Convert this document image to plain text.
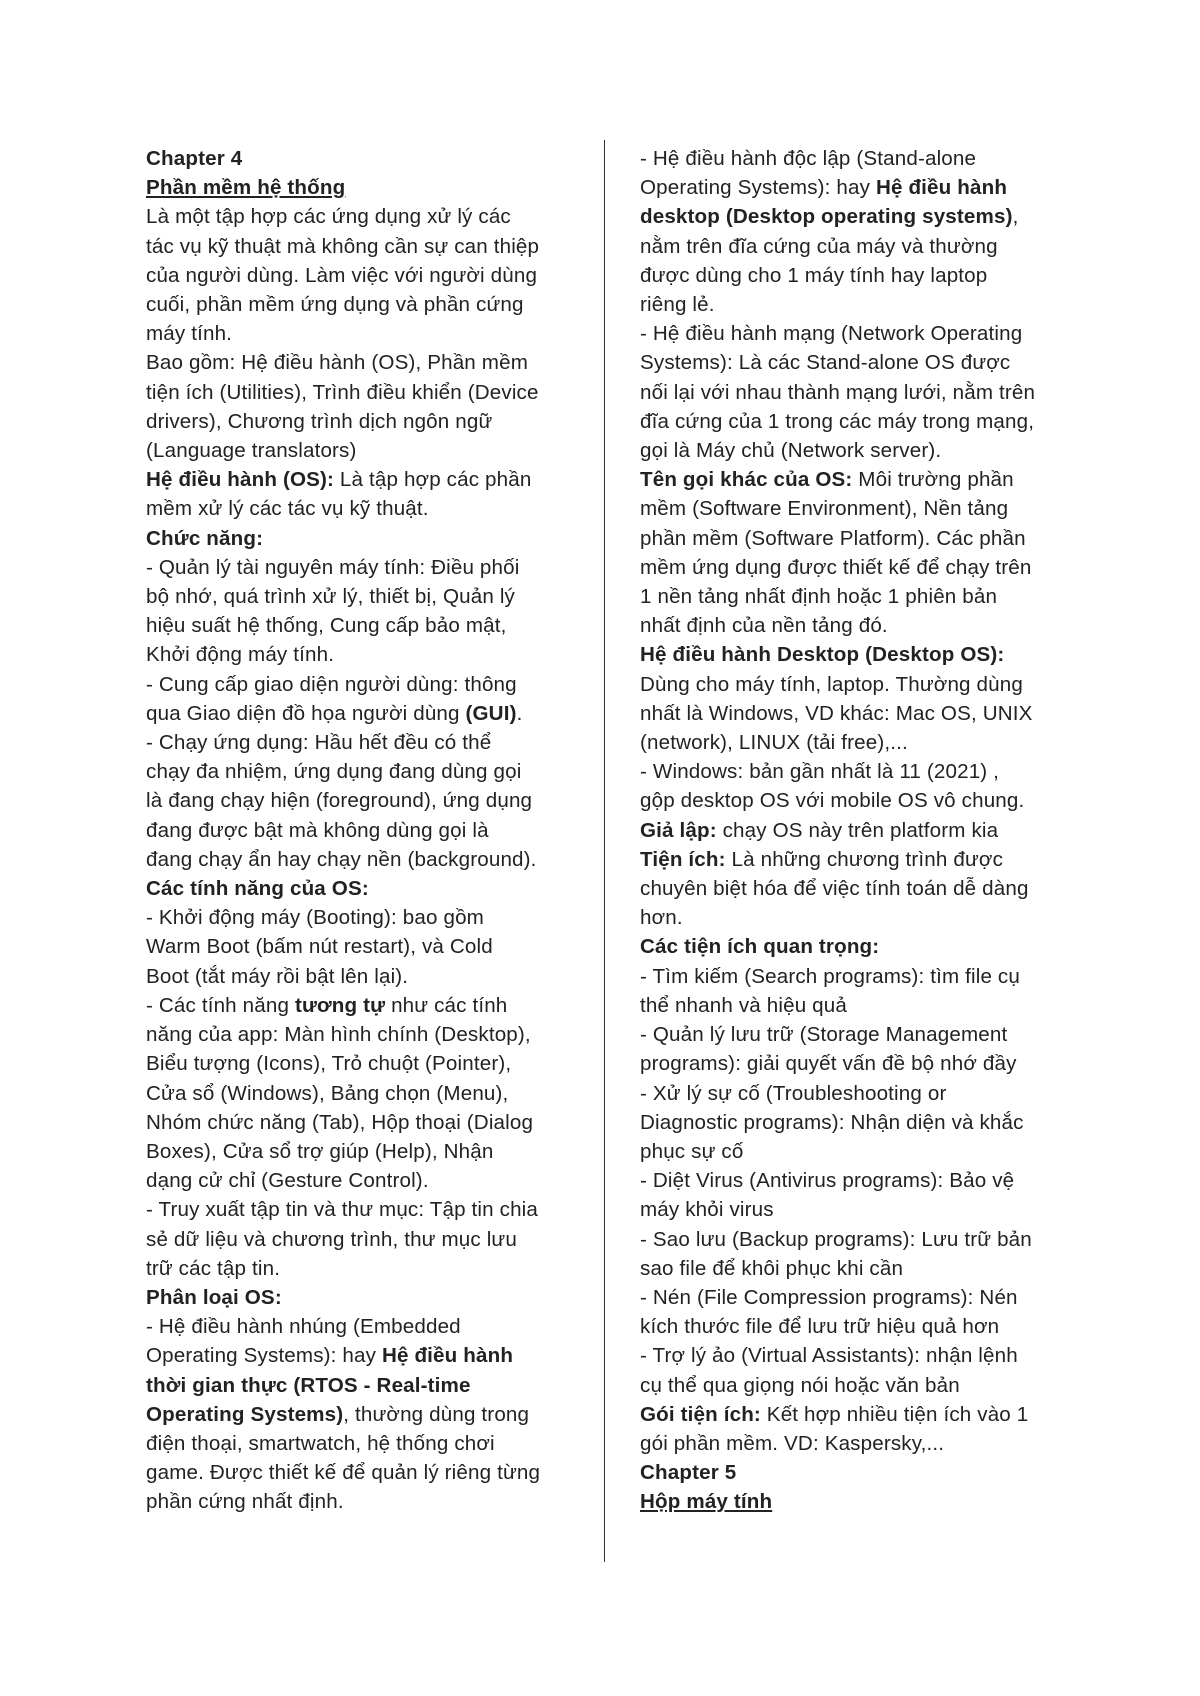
Chapter 4

Phần mềm hệ thống

Là một tập hợp các ứng dụng xử lý các

tác vụ kỹ thuật mà không cần sự can thiệp

của người dùng. Làm việc với người dùng

cuối, phần mềm ứng dụng và phần cứng

máy tính.

Bao gồm: Hệ điều hành (OS), Phần mềm

tiện ích (Utilities), Trình điều khiển (Device

drivers), Chương trình dịch ngôn ngữ

(Language translators)

Hệ điều hành (OS): Là tập hợp các phần

mềm xử lý các tác vụ kỹ thuật.

Chức năng:

- Quản lý tài nguyên máy tính: Điều phối

bộ nhớ, quá trình xử lý, thiết bị, Quản lý

hiệu suất hệ thống, Cung cấp bảo mật,

Khởi động máy tính.

- Cung cấp giao diện người dùng: thông

qua Giao diện đồ họa người dùng (GUI).

- Chạy ứng dụng: Hầu hết đều có thể

chạy đa nhiệm, ứng dụng đang dùng gọi

là đang chạy hiện (foreground), ứng dụng

đang được bật mà không dùng gọi là

đang chạy ẩn hay chạy nền (background).

Các tính năng của OS:

- Khởi động máy (Booting): bao gồm

Warm Boot (bấm nút restart), và Cold

Boot (tắt máy rồi bật lên lại).

- Các tính năng tương tự như các tính

năng của app: Màn hình chính (Desktop),

Biểu tượng (Icons), Trỏ chuột (Pointer),

Cửa sổ (Windows), Bảng chọn (Menu),

Nhóm chức năng (Tab), Hộp thoại (Dialog

Boxes), Cửa sổ trợ giúp (Help), Nhận

dạng cử chỉ (Gesture Control).

- Truy xuất tập tin và thư mục: Tập tin chia

sẻ dữ liệu và chương trình, thư mục lưu

trữ các tập tin.

Phân loại OS:

- Hệ điều hành nhúng (Embedded

Operating Systems): hay Hệ điều hành

thời gian thực (RTOS - Real-time

Operating Systems), thường dùng trong

điện thoại, smartwatch, hệ thống chơi

game. Được thiết kế để quản lý riêng từng

phần cứng nhất định.

- Hệ điều hành độc lập (Stand-alone

Operating Systems): hay Hệ điều hành

desktop (Desktop operating systems),

nằm trên đĩa cứng của máy và thường

được dùng cho 1 máy tính hay laptop

riêng lẻ.

- Hệ điều hành mạng (Network Operating

Systems): Là các Stand-alone OS được

nối lại với nhau thành mạng lưới, nằm trên

đĩa cứng của 1 trong các máy trong mạng,

gọi là Máy chủ (Network server).

Tên gọi khác của OS: Môi trường phần

mềm (Software Environment), Nền tảng

phần mềm (Software Platform). Các phần

mềm ứng dụng được thiết kế để chạy trên

1 nền tảng nhất định hoặc 1 phiên bản

nhất định của nền tảng đó.

Hệ điều hành Desktop (Desktop OS):

Dùng cho máy tính, laptop. Thường dùng

nhất là Windows, VD khác: Mac OS, UNIX

(network), LINUX (tải free),...

- Windows: bản gần nhất là 11 (2021) ,

gộp desktop OS với mobile OS vô chung.

Giả lập: chạy OS này trên platform kia

Tiện ích: Là những chương trình được

chuyên biệt hóa để việc tính toán dễ dàng

hơn.

Các tiện ích quan trọng:

- Tìm kiếm (Search programs): tìm file cụ

thể nhanh và hiệu quả

- Quản lý lưu trữ (Storage Management

programs): giải quyết vấn đề bộ nhớ đầy

- Xử lý sự cố (Troubleshooting or

Diagnostic programs): Nhận diện và khắc

phục sự cố

- Diệt Virus (Antivirus programs): Bảo vệ

máy khỏi virus

- Sao lưu (Backup programs): Lưu trữ bản

sao file để khôi phục khi cần

- Nén (File Compression programs): Nén

kích thước file để lưu trữ hiệu quả hơn

- Trợ lý ảo (Virtual Assistants): nhận lệnh

cụ thể qua giọng nói hoặc văn bản

Gói tiện ích: Kết hợp nhiều tiện ích vào 1

gói phần mềm. VD: Kaspersky,...

Chapter 5

Hộp máy tính
